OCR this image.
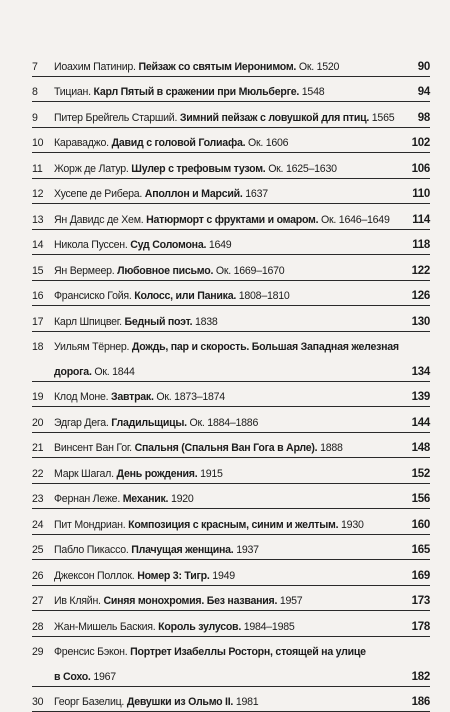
7	Иоахим Патинир. Пейзаж со святым Иеронимом. Ок. 1520	90
8	Тициан. Карл Пятый в сражении при Мюльберге. 1548	94
9	Питер Брейгель Старший. Зимний пейзаж с ловушкой для птиц. 1565	98
10	Караваджо. Давид с головой Голиафа. Ок. 1606	102
11	Жорж де Латур. Шулер с трефовым тузом. Ок. 1625–1630	106
12	Хусепе де Рибера. Аполлон и Марсий. 1637	110
13	Ян Давидс де Хем. Натюрморт с фруктами и омаром. Ок. 1646–1649	114
14	Никола Пуссен. Суд Соломона. 1649	118
15	Ян Вермеер. Любовное письмо. Ок. 1669–1670	122
16	Франсиско Гойя. Колосс, или Паника. 1808–1810	126
17	Карл Шпицвег. Бедный поэт. 1838	130
18	Уильям Тёрнер. Дождь, пар и скорость. Большая Западная железная
дорога. Ок. 1844	134
19	Клод Моне. Завтрак. Ок. 1873–1874	139
20	Эдгар Дега. Гладильщицы. Ок. 1884–1886	144
21	Винсент Ван Гог. Спальня (Спальня Ван Гога в Арле). 1888	148
22	Марк Шагал. День рождения. 1915	152
23	Фернан Леже. Механик. 1920	156
24	Пит Мондриан. Композиция с красным, синим и желтым. 1930	160
25	Пабло Пикассо. Плачущая женщина. 1937	165
26	Джексон Поллок. Номер 3: Тигр. 1949	169
27	Ив Кляйн. Синяя монохромия. Без названия. 1957	173
28	Жан-Мишель Баския. Король зулусов. 1984–1985	178
29	Френсис Бэкон. Портрет Изабеллы Росторн, стоящей на улице
в Сохо. 1967	182
30	Георг Базелиц. Девушки из Ольмо II. 1981	186
